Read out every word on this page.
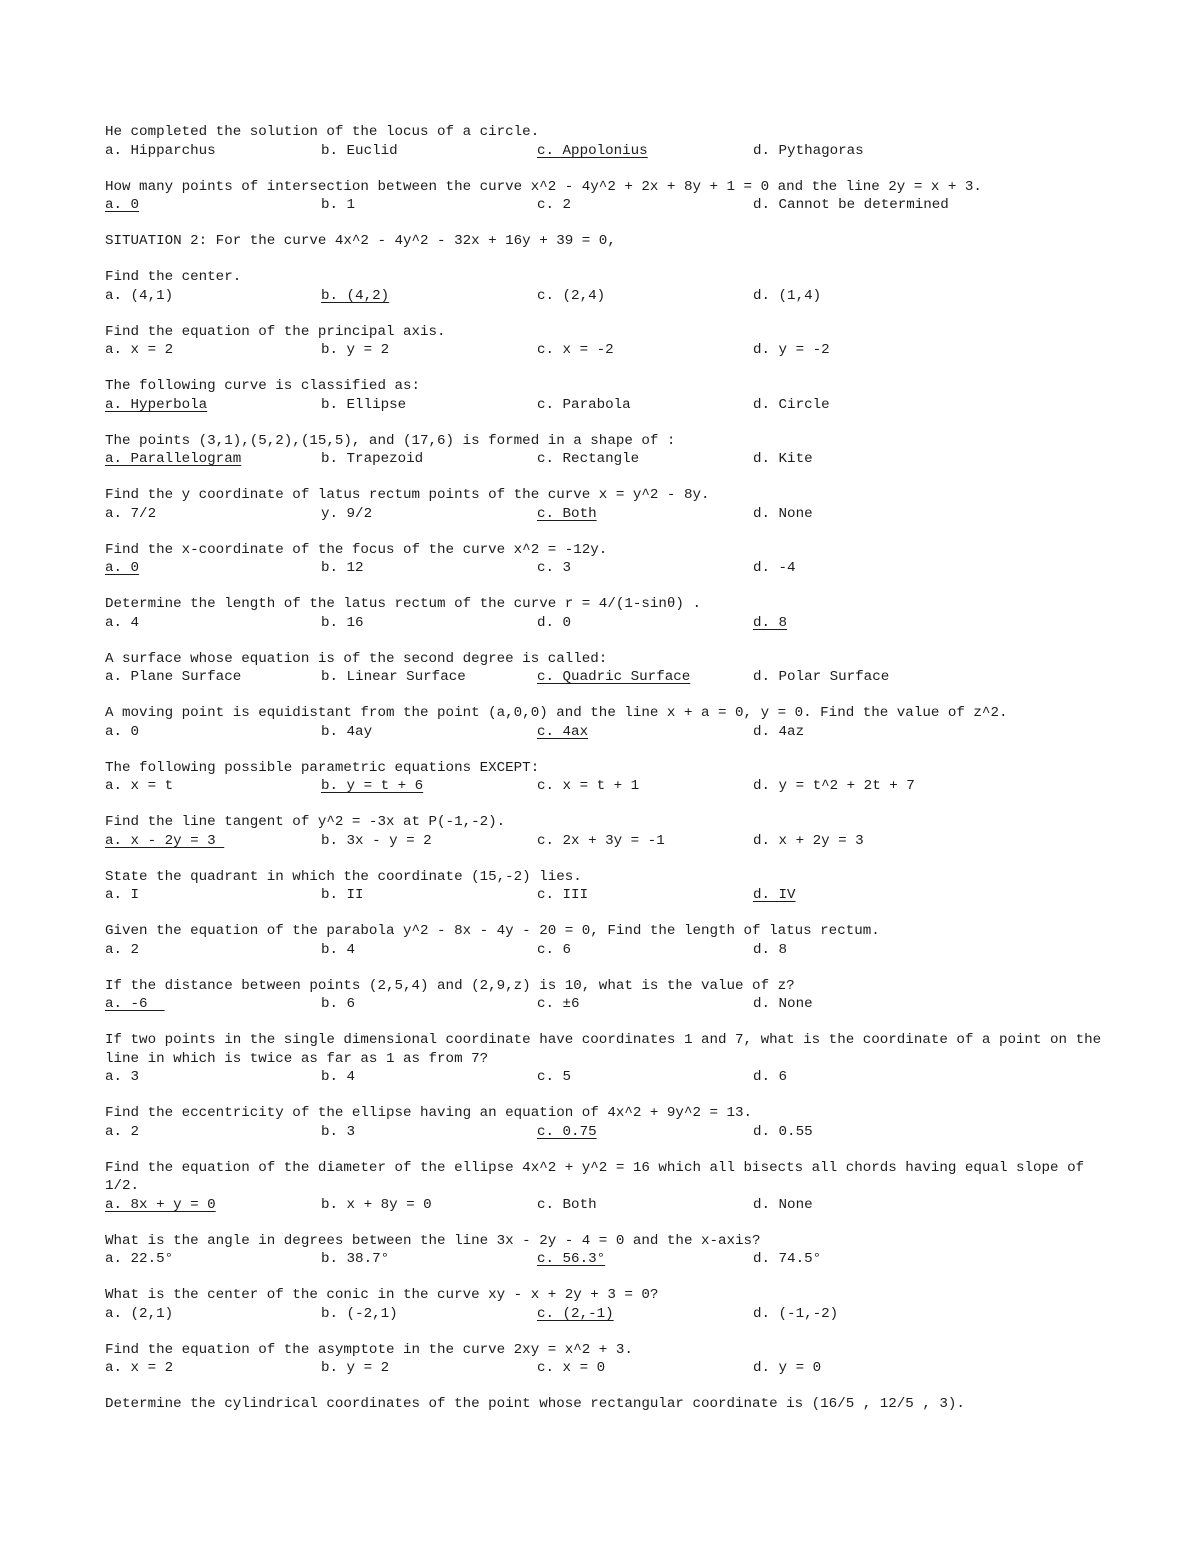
He completed the solution of the locus of a circle.
a. Hipparchus	b. Euclid	c. Appolonius	d. Pythagoras
How many points of intersection between the curve x^2 - 4y^2 + 2x + 8y + 1 = 0 and the line 2y = x + 3.
a. 0	b. 1	c. 2	d. Cannot be determined
SITUATION 2: For the curve 4x^2 - 4y^2 - 32x + 16y + 39 = 0,
Find the center.
a. (4,1)	b. (4,2)	c. (2,4)	d. (1,4)
Find the equation of the principal axis.
a. x = 2	b. y = 2	c. x = -2	d. y = -2
The following curve is classified as:
a. Hyperbola	b. Ellipse	c. Parabola	d. Circle
The points (3,1),(5,2),(15,5), and (17,6) is formed in a shape of :
a. Parallelogram	b. Trapezoid	c. Rectangle	d. Kite
Find the y coordinate of latus rectum points of the curve x = y^2 - 8y.
a. 7/2	y. 9/2	c. Both	d. None
Find the x-coordinate of the focus of the curve x^2 = -12y.
a. 0	b. 12	c. 3	d. -4
Determine the length of the latus rectum of the curve r = 4/(1-sinθ) .
a. 4	b. 16	d. 0	d. 8
A surface whose equation is of the second degree is called:
a. Plane Surface	b. Linear Surface	c. Quadric Surface	d. Polar Surface
A moving point is equidistant from the point (a,0,0) and the line x + a = 0, y = 0. Find the value of z^2.
a. 0	b. 4ay	c. 4ax	d. 4az
The following possible parametric equations EXCEPT:
a. x = t	b. y = t + 6	c. x = t + 1	d. y = t^2 + 2t + 7
Find the line tangent of y^2 = -3x at P(-1,-2).
a. x - 2y = 3	b. 3x - y = 2	c. 2x + 3y = -1	d. x + 2y = 3
State the quadrant in which the coordinate (15,-2) lies.
a. I	b. II	c. III	d. IV
Given the equation of the parabola y^2 - 8x - 4y - 20 = 0, Find the length of latus rectum.
a. 2	b. 4	c. 6	d. 8
If the distance between points (2,5,4) and (2,9,z) is 10, what is the value of z?
a. -6	b. 6	c. ±6	d. None
If two points in the single dimensional coordinate have coordinates 1 and 7, what is the coordinate of a point on the line in which is twice as far as 1 as from 7?
a. 3	b. 4	c. 5	d. 6
Find the eccentricity of the ellipse having an equation of 4x^2 + 9y^2 = 13.
a. 2	b. 3	c. 0.75	d. 0.55
Find the equation of the diameter of the ellipse 4x^2 + y^2 = 16 which all bisects all chords having equal slope of 1/2.
a. 8x + y = 0	b. x + 8y = 0	c. Both	d. None
What is the angle in degrees between the line 3x - 2y - 4 = 0 and the x-axis?
a. 22.5°	b. 38.7°	c. 56.3°	d. 74.5°
What is the center of the conic in the curve xy - x + 2y + 3 = 0?
a. (2,1)	b. (-2,1)	c. (2,-1)	d. (-1,-2)
Find the equation of the asymptote in the curve 2xy = x^2 + 3.
a. x = 2	b. y = 2	c. x = 0	d. y = 0
Determine the cylindrical coordinates of the point whose rectangular coordinate is (16/5 , 12/5 , 3).
